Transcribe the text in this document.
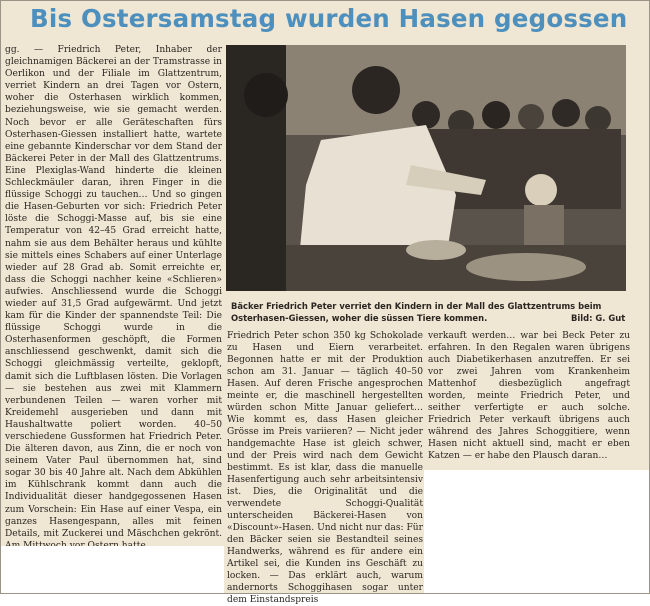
Bis Ostersamstag wurden Hasen gegossen
gg. — Friedrich Peter, Inhaber der gleichnamigen Bäckerei an der Tramstrasse in Oerlikon und der Filiale im Glattzentrum, verriet Kindern an drei Tagen vor Ostern, woher die Osterhasen wirklich kommen, beziehungsweise, wie sie gemacht werden. Noch bevor er alle Geräteschaften fürs Osterhasen-Giessen installiert hatte, wartete eine gebannte Kinderschar vor dem Stand der Bäckerei Peter in der Mall des Glattzentrums. Eine Plexiglas-Wand hinderte die kleinen Schleckmäuler daran, ihren Finger in die flüssige Schoggi zu tauchen… Und so gingen die Hasen-Geburten vor sich: Friedrich Peter löste die Schoggi-Masse auf, bis sie eine Temperatur von 42–45 Grad erreicht hatte, nahm sie aus dem Behälter heraus und kühlte sie mittels eines Schabers auf einer Unterlage wieder auf 28 Grad ab. Somit erreichte er, dass die Schoggi nachher keine «Schlieren» aufwies. Anschliessend wurde die Schoggi wieder auf 31,5 Grad aufgewärmt. Und jetzt kam für die Kinder der spannendste Teil: Die flüssige Schoggi wurde in die Osterhasenformen geschöpft, die Formen anschliessend geschwenkt, damit sich die Schoggi gleichmässig verteilte, geklopft, damit sich die Luftblasen lösten. Die Vorlagen — sie bestehen aus zwei mit Klammern verbundenen Teilen — waren vorher mit Kreidemehl ausgerieben und dann mit Haushaltwatte poliert worden. 40–50 verschiedene Gussformen hat Friedrich Peter. Die älteren davon, aus Zinn, die er noch von seinem Vater Paul übernommen hat, sind sogar 30 bis 40 Jahre alt. Nach dem Abkühlen im Kühlschrank kommt dann auch die Individualität dieser handgegossenen Hasen zum Vorschein: Ein Hase auf einer Vespa, ein ganzes Hasengespann, alles mit feinen Details, mit Zuckerei und Mäschchen gekrönt.
Bäcker Friedrich Peter verriet den Kindern in der Mall des Glattzentrums beim Osterhasen-Giessen, woher die süssen Tiere kommen.	Bild: G. Gut
Friedrich Peter schon 350 kg Schokolade zu Hasen und Eiern verarbeitet. Begonnen hatte er mit der Produktion schon am 31. Januar — täglich 40–50 Hasen. Auf deren Frische angesprochen meinte er, die maschinell hergestellten würden schon Mitte Januar geliefert… Wie kommt es, dass Hasen gleicher Grösse im Preis variieren? — Nicht jeder handgemachte Hase ist gleich schwer, und der Preis wird nach dem Gewicht bestimmt. Es ist klar, dass die manuelle Hasenfertigung auch sehr arbeitsintensiv ist. Dies, die Originalität und die verwendete Schoggi-Qualität unterscheiden Bäckerei-Hasen von «Discount»-Hasen. Und nicht nur das: Für den Bäcker seien sie Bestandteil seines Handwerks, während es für andere ein Artikel sei, die Kunden ins Geschäft zu locken. — Das erklärt auch, warum andernorts Schoggihasen sogar unter dem Einstandspreis
verkauft werden… war bei Beck Peter zu erfahren. In den Regalen waren übrigens auch Diabetikerhasen anzutreffen. Er sei vor zwei Jahren vom Krankenheim Mattenhof diesbezüglich angefragt worden, meinte Friedrich Peter, und seither verfertigte er auch solche. Friedrich Peter verkauft übrigens auch während des Jahres Schoggitiere, wenn Hasen nicht aktuell sind, macht er eben Katzen — er habe den Plausch daran…
